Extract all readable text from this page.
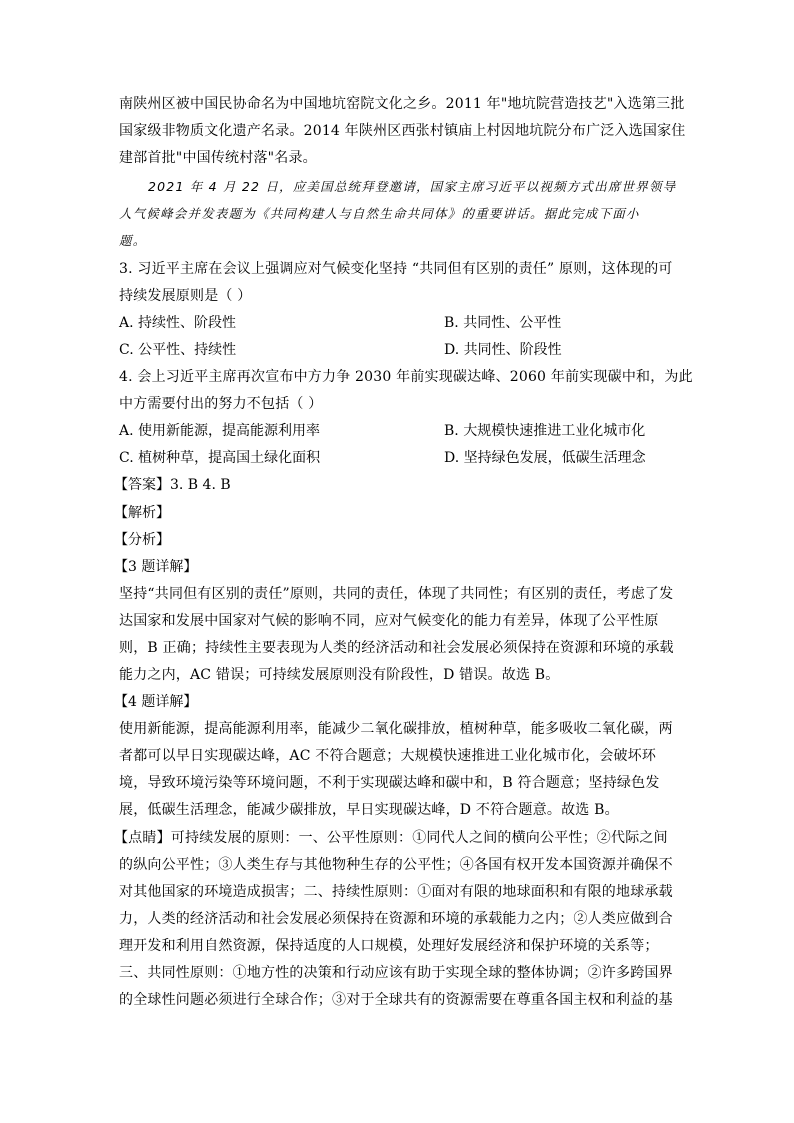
南陕州区被中国民协命名为中国地坑窑院文化之乡。2011 年"地坑院营造技艺"入选第三批
国家级非物质文化遗产名录。2014 年陕州区西张村镇庙上村因地坑院分布广泛入选国家住
建部首批"中国传统村落"名录。
2021 年 4 月 22 日，应美国总统拜登邀请，国家主席习近平以视频方式出席世界领导
人气候峰会并发表题为《共同构建人与自然生命共同体》的重要讲话。据此完成下面小
题。
3. 习近平主席在会议上强调应对气候变化坚持 “共同但有区别的责任” 原则，这体现的可
持续发展原则是（ ）
A. 持续性、阶段性	B. 共同性、公平性
C. 公平性、持续性	D. 共同性、阶段性
4. 会上习近平主席再次宣布中方力争 2030 年前实现碳达峰、2060 年前实现碳中和，为此
中方需要付出的努力不包括（ ）
A. 使用新能源，提高能源利用率	B. 大规模快速推进工业化城市化
C. 植树种草，提高国土绿化面积	D. 坚持绿色发展，低碳生活理念
【答案】3. B 4. B
【解析】
【分析】
【3 题详解】
坚持“共同但有区别的责任”原则，共同的责任，体现了共同性；有区别的责任，考虑了发
达国家和发展中国家对气候的影响不同，应对气候变化的能力有差异，体现了公平性原
则，B 正确；持续性主要表现为人类的经济活动和社会发展必须保持在资源和环境的承载
能力之内，AC 错误；可持续发展原则没有阶段性，D 错误。故选 B。
【4 题详解】
使用新能源，提高能源利用率，能减少二氧化碳排放，植树种草，能多吸收二氧化碳，两
者都可以早日实现碳达峰，AC 不符合题意；大规模快速推进工业化城市化，会破坏环
境，导致环境污染等环境问题，不利于实现碳达峰和碳中和，B 符合题意；坚持绿色发
展，低碳生活理念，能减少碳排放，早日实现碳达峰，D 不符合题意。故选 B。
【点睛】可持续发展的原则：一、公平性原则：①同代人之间的横向公平性；②代际之间
的纵向公平性；③人类生存与其他物种生存的公平性；④各国有权开发本国资源并确保不
对其他国家的环境造成损害；二、持续性原则：①面对有限的地球面积和有限的地球承载
力，人类的经济活动和社会发展必须保持在资源和环境的承载能力之内；②人类应做到合
理开发和利用自然资源，保持适度的人口规模，处理好发展经济和保护环境的关系等；
三、共同性原则：①地方性的决策和行动应该有助于实现全球的整体协调；②许多跨国界
的全球性问题必须进行全球合作；③对于全球共有的资源需要在尊重各国主权和利益的基
